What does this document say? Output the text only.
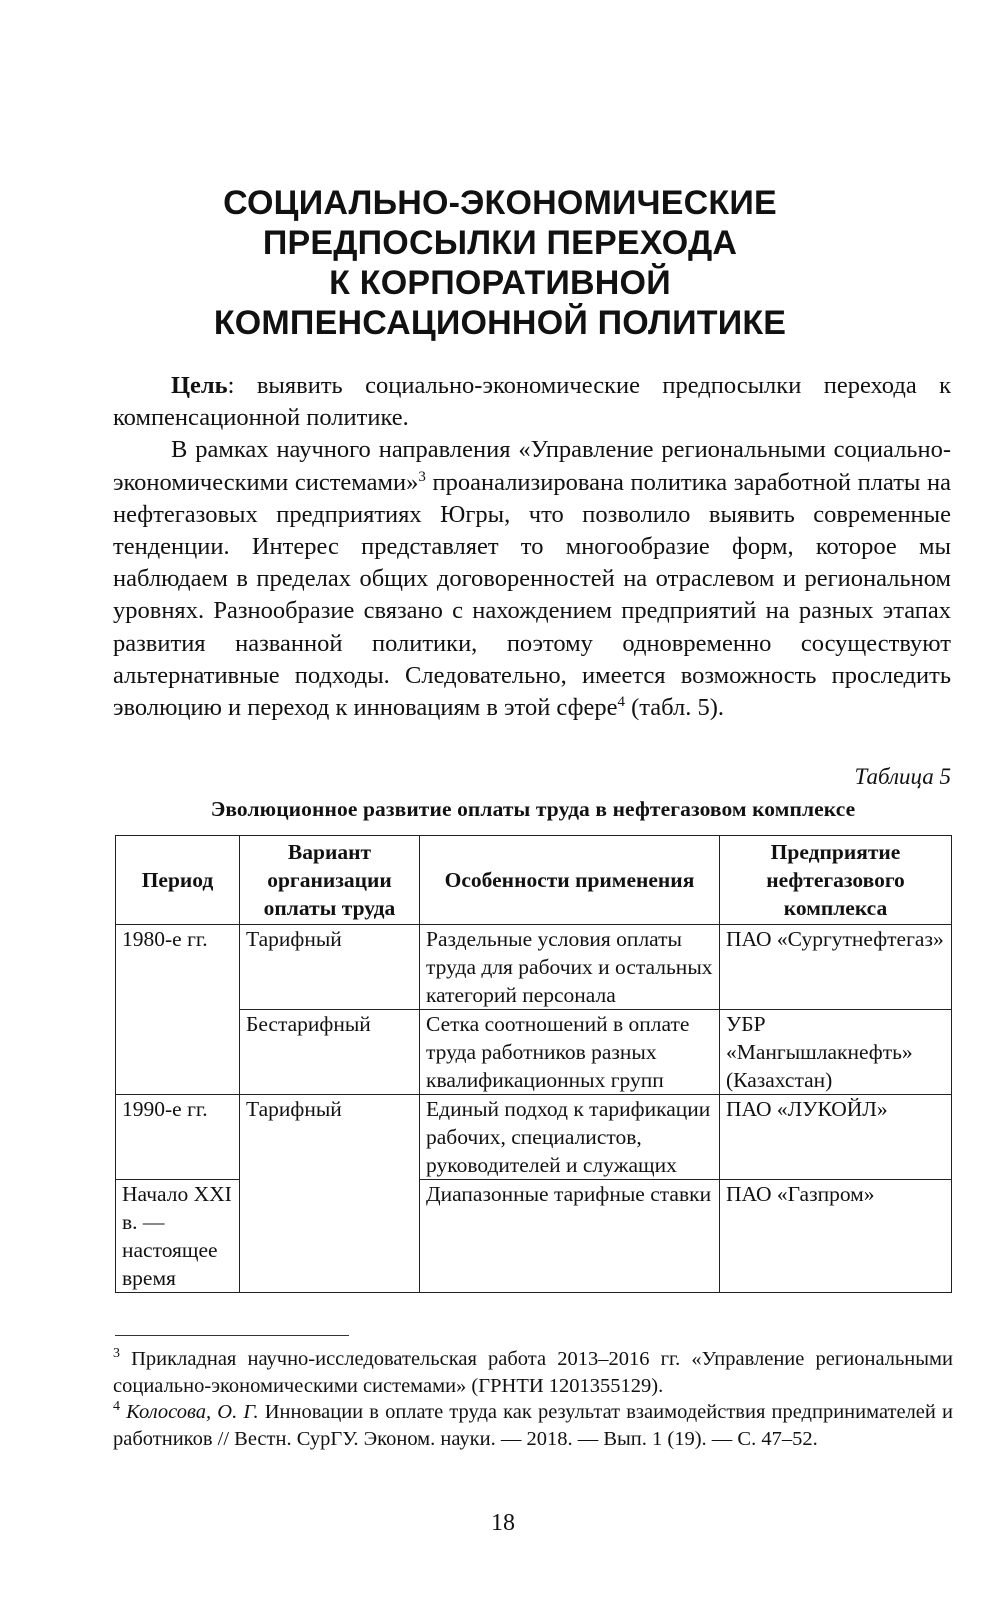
СОЦИАЛЬНО-ЭКОНОМИЧЕСКИЕ
ПРЕДПОСЫЛКИ ПЕРЕХОДА
К КОРПОРАТИВНОЙ
КОМПЕНСАЦИОННОЙ ПОЛИТИКЕ

Цель: выявить социально-экономические предпосылки перехода к компенсационной политике.

В рамках научного направления «Управление региональными социально-экономическими системами»$^3$ проанализирована политика заработной платы на нефтегазовых предприятиях Югры, что позволило выявить современные тенденции. Интерес представляет то многообразие форм, которое мы наблюдаем в пределах общих договоренностей на отраслевом и региональном уровнях. Разнообразие связано с нахождением предприятий на разных этапах развития названной политики, поэтому одновременно сосуществуют альтернативные подходы. Следовательно, имеется возможность проследить эволюцию и переход к инновациям в этой сфере$^4$ (табл. 5).

Таблица 5
Эволюционное развитие оплаты труда в нефтегазовом комплексе
Период	Вариант организации оплаты труда	Особенности применения	Предприятие нефтегазового комплекса
1980-е гг.	Тарифный	Раздельные условия оплаты труда для рабочих и остальных категорий персонала	ПАО «Сургутнефтегаз»
	Бестарифный	Сетка соотношений в оплате труда работников разных квалификационных групп	УБР «Мангышлакнефть» (Казахстан)
1990-е гг.	Тарифный	Единый подход к тарификации рабочих, специалистов, руководителей и служащих	ПАО «ЛУКОЙЛ»
Начало XXI в. — настоящее время		Диапазонные тарифные ставки	ПАО «Газпром»

$^3$ Прикладная научно-исследовательская работа 2013–2016 гг. «Управление региональными социально-экономическими системами» (ГРНТИ 1201355129).

$^4$ Колосова, О. Г. Инновации в оплате труда как результат взаимодействия предпринимателей и работников // Вестн. СурГУ. Эконом. науки. — 2018. — Вып. 1 (19). — С. 47–52.

18
